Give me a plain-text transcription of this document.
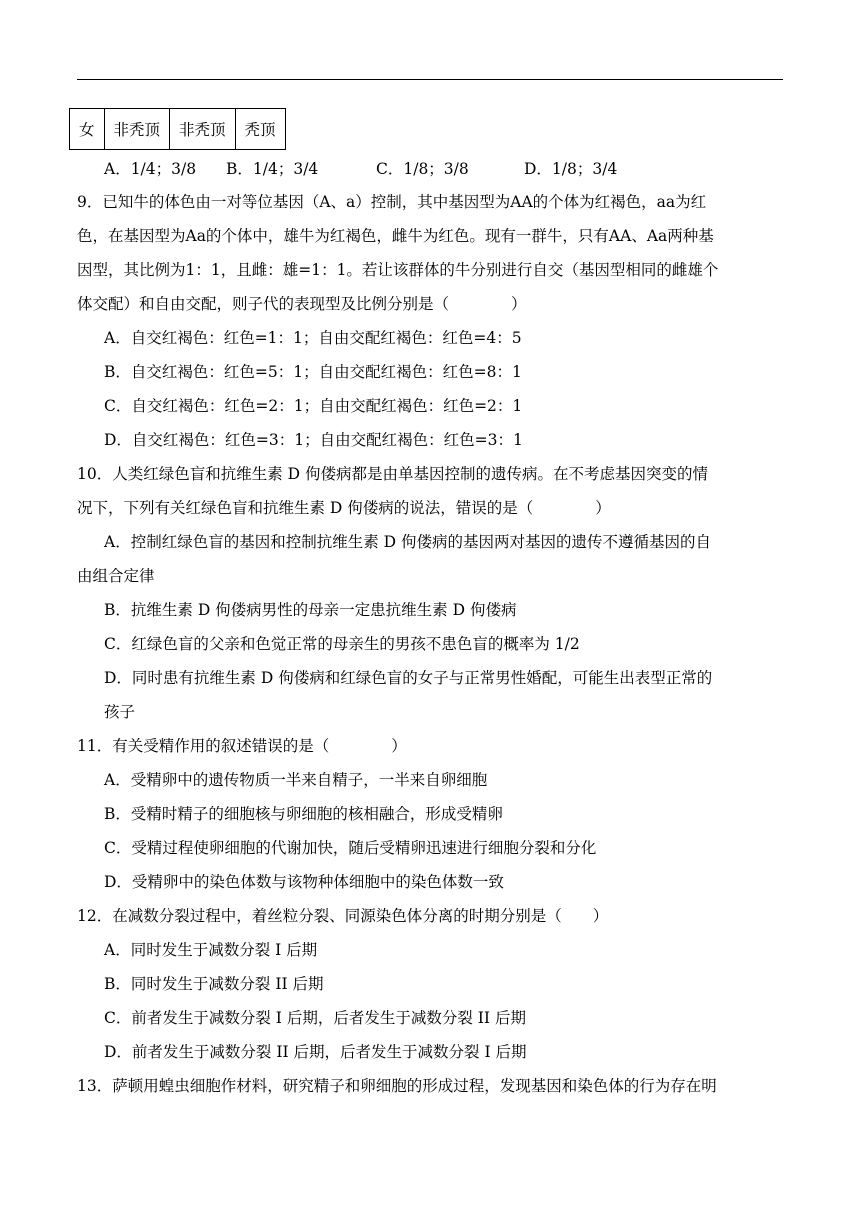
女	非秃顶	非秃顶	秃顶
A．1/4；3/8 B．1/4；3/4	C．1/8；3/8	D．1/8；3/4
9．已知牛的体色由一对等位基因（A、a）控制，其中基因型为AA的个体为红褐色，aa为红
色，在基因型为Aa的个体中，雄牛为红褐色，雌牛为红色。现有一群牛，只有AA、Aa两种基
因型，其比例为1：1，且雌：雄=1：1。若让该群体的牛分别进行自交（基因型相同的雌雄个
体交配）和自由交配，则子代的表现型及比例分别是（　　　　）
A．自交红褐色：红色=1：1；自由交配红褐色：红色=4：5
B．自交红褐色：红色=5：1；自由交配红褐色：红色=8：1
C．自交红褐色：红色=2：1；自由交配红褐色：红色=2：1
D．自交红褐色：红色=3：1；自由交配红褐色：红色=3：1
10．人类红绿色盲和抗维生素 D 佝偻病都是由单基因控制的遗传病。在不考虑基因突变的情
况下，下列有关红绿色盲和抗维生素 D 佝偻病的说法，错误的是（　　　　）
A．控制红绿色盲的基因和控制抗维生素 D 佝偻病的基因两对基因的遗传不遵循基因的自
由组合定律
B．抗维生素 D 佝偻病男性的母亲一定患抗维生素 D 佝偻病
C．红绿色盲的父亲和色觉正常的母亲生的男孩不患色盲的概率为 1/2
D．同时患有抗维生素 D 佝偻病和红绿色盲的女子与正常男性婚配，可能生出表型正常的
孩子
11．有关受精作用的叙述错误的是（　　　　）
A．受精卵中的遗传物质一半来自精子，一半来自卵细胞
B．受精时精子的细胞核与卵细胞的核相融合，形成受精卵
C．受精过程使卵细胞的代谢加快，随后受精卵迅速进行细胞分裂和分化
D．受精卵中的染色体数与该物种体细胞中的染色体数一致
12．在减数分裂过程中，着丝粒分裂、同源染色体分离的时期分别是（　　）
A．同时发生于减数分裂 I 后期
B．同时发生于减数分裂 II 后期
C．前者发生于减数分裂 I 后期，后者发生于减数分裂 II 后期
D．前者发生于减数分裂 II 后期，后者发生于减数分裂 I 后期
13．萨顿用蝗虫细胞作材料，研究精子和卵细胞的形成过程，发现基因和染色体的行为存在明
